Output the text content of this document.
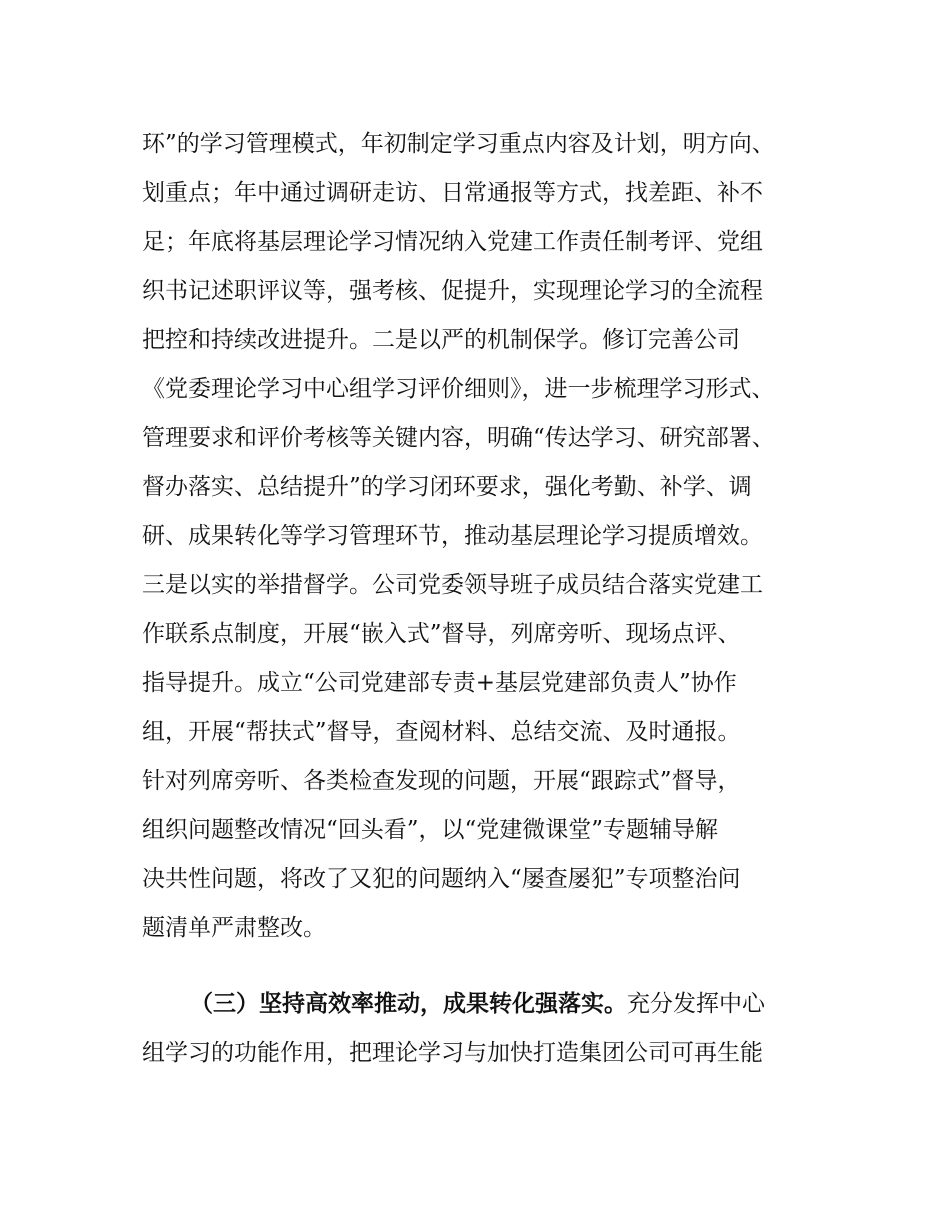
环”的学习管理模式，年初制定学习重点内容及计划，明方向、
划重点；年中通过调研走访、日常通报等方式，找差距、补不
足；年底将基层理论学习情况纳入党建工作责任制考评、党组
织书记述职评议等，强考核、促提升，实现理论学习的全流程
把控和持续改进提升。二是以严的机制保学。修订完善公司
《党委理论学习中心组学习评价细则》，进一步梳理学习形式、
管理要求和评价考核等关键内容，明确“传达学习、研究部署、
督办落实、总结提升”的学习闭环要求，强化考勤、补学、调
研、成果转化等学习管理环节，推动基层理论学习提质增效。
三是以实的举措督学。公司党委领导班子成员结合落实党建工
作联系点制度，开展“嵌入式”督导，列席旁听、现场点评、
指导提升。成立“公司党建部专责+基层党建部负责人”协作
组，开展“帮扶式”督导，查阅材料、总结交流、及时通报。
针对列席旁听、各类检查发现的问题，开展“跟踪式”督导，
组织问题整改情况“回头看”，以“党建微课堂”专题辅导解
决共性问题，将改了又犯的问题纳入“屡查屡犯”专项整治问
题清单严肃整改。
（三）坚持高效率推动，成果转化强落实。充分发挥中心
组学习的功能作用，把理论学习与加快打造集团公司可再生能
